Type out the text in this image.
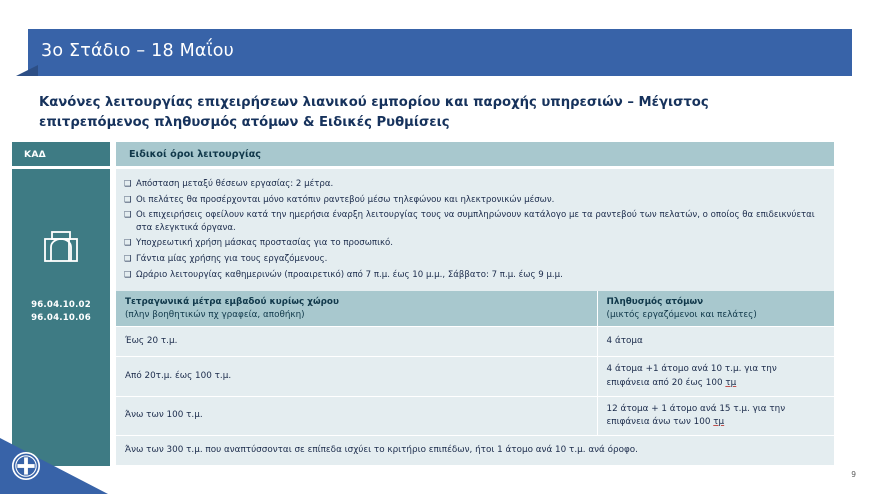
3ο Στάδιο – 18 Μαΐου
Κανόνες λειτουργίας επιχειρήσεων λιανικού εμπορίου και παροχής υπηρεσιών – Μέγιστος
επιτρεπόμενος πληθυσμός ατόμων & Ειδικές Ρυθμίσεις
ΚΑΔ	Ειδικοί όροι λειτουργίας
96.04.10.02
96.04.10.06
❑ Απόσταση μεταξύ θέσεων εργασίας: 2 μέτρα.
❑ Οι πελάτες θα προσέρχονται μόνο κατόπιν ραντεβού μέσω τηλεφώνου και ηλεκτρονικών μέσων.
❑ Οι επιχειρήσεις οφείλουν κατά την ημερήσια έναρξη λειτουργίας τους να συμπληρώνουν κατάλογο με τα ραντεβού των πελατών, ο οποίος θα επιδεικνύεται στα ελεγκτικά όργανα.
❑ Υποχρεωτική χρήση μάσκας προστασίας για το προσωπικό.
❑ Γάντια μίας χρήσης για τους εργαζόμενους.
❑ Ωράριο λειτουργίας καθημερινών (προαιρετικό) από 7 π.μ. έως 10 μ.μ., Σάββατο: 7 π.μ. έως 9 μ.μ.
Τετραγωνικά μέτρα εμβαδού κυρίως χώρου
(πλην βοηθητικών πχ γραφεία, αποθήκη)	Πληθυσμός ατόμων
(μικτός εργαζόμενοι και πελάτες)

Έως 20 τ.μ.	4 άτομα
Από 20τ.μ. έως 100 τ.μ.	4 άτομα +1 άτομο ανά 10 τ.μ. για την
επιφάνεια από 20 έως 100 τμ
Άνω των 100 τ.μ.	12 άτομα + 1 άτομο ανά 15 τ.μ. για την
επιφάνεια άνω των 100 τμ
Άνω των 300 τ.μ. που αναπτύσσονται σε επίπεδα ισχύει το κριτήριο επιπέδων, ήτοι 1 άτομο ανά 10 τ.μ. ανά όροφο.	
9
